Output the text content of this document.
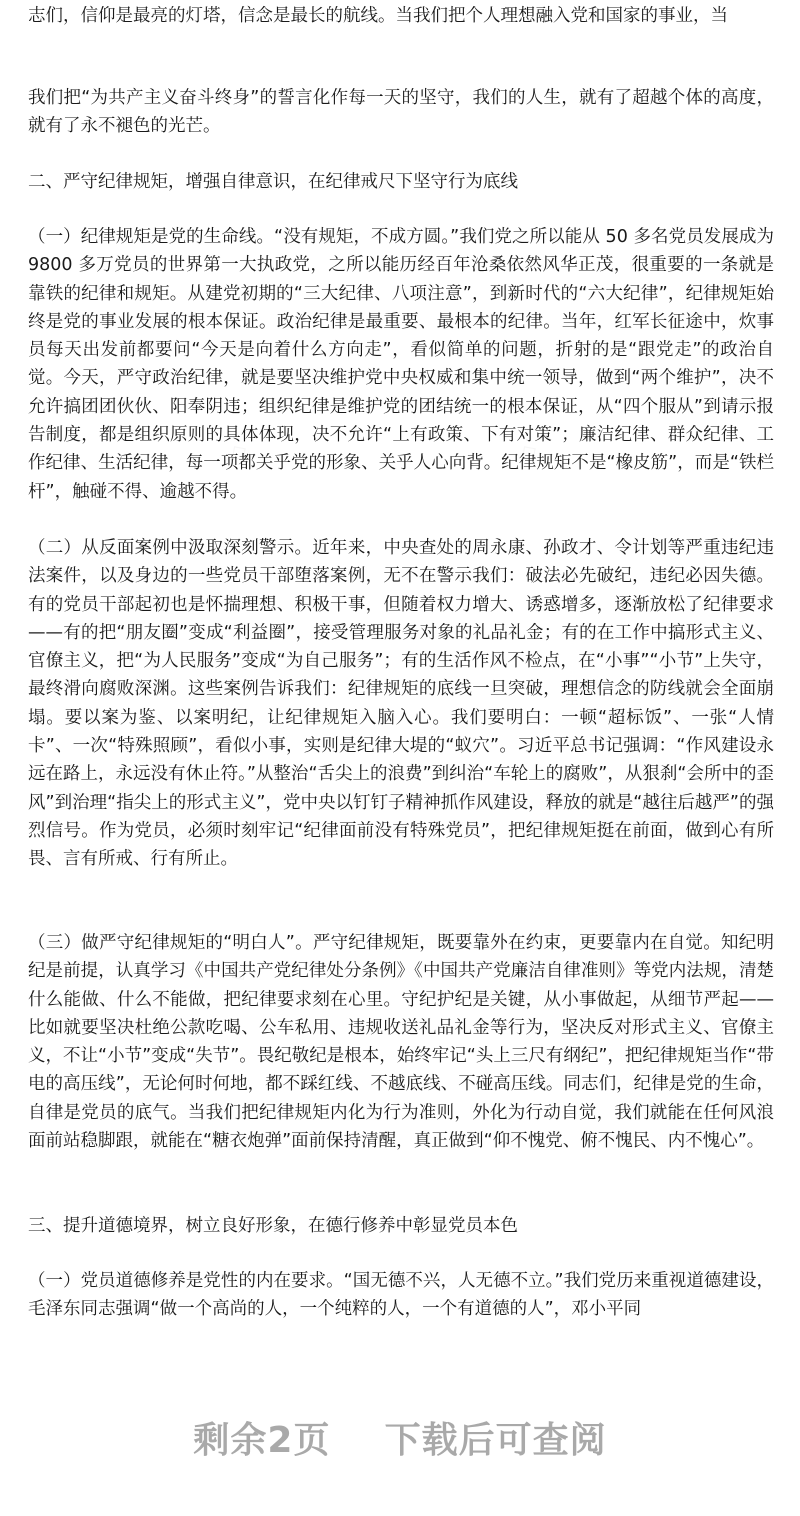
志们，信仰是最亮的灯塔，信念是最长的航线。当我们把个人理想融入党和国家的事业，当

我们把“为共产主义奋斗终身”的誓言化作每一天的坚守，我们的人生，就有了超越个体的高度，就有了永不褪色的光芒。

二、严守纪律规矩，增强自律意识，在纪律戒尺下坚守行为底线

（一）纪律规矩是党的生命线。“没有规矩，不成方圆。”我们党之所以能从 50 多名党员发展成为 9800 多万党员的世界第一大执政党，之所以能历经百年沧桑依然风华正茂，很重要的一条就是靠铁的纪律和规矩。从建党初期的“三大纪律、八项注意”，到新时代的“六大纪律”，纪律规矩始终是党的事业发展的根本保证。政治纪律是最重要、最根本的纪律。当年，红军长征途中，炊事员每天出发前都要问“今天是向着什么方向走”，看似简单的问题，折射的是“跟党走”的政治自觉。今天，严守政治纪律，就是要坚决维护党中央权威和集中统一领导，做到“两个维护”，决不允许搞团团伙伙、阳奉阴违；组织纪律是维护党的团结统一的根本保证，从“四个服从”到请示报告制度，都是组织原则的具体体现，决不允许“上有政策、下有对策”；廉洁纪律、群众纪律、工作纪律、生活纪律，每一项都关乎党的形象、关乎人心向背。纪律规矩不是“橡皮筋”，而是“铁栏杆”，触碰不得、逾越不得。

（二）从反面案例中汲取深刻警示。近年来，中央查处的周永康、孙政才、令计划等严重违纪违法案件，以及身边的一些党员干部堕落案例，无不在警示我们：破法必先破纪，违纪必因失德。有的党员干部起初也是怀揣理想、积极干事，但随着权力增大、诱惑增多，逐渐放松了纪律要求——有的把“朋友圈”变成“利益圈”，接受管理服务对象的礼品礼金；有的在工作中搞形式主义、官僚主义，把“为人民服务”变成“为自己服务”；有的生活作风不检点，在“小事”“小节”上失守，最终滑向腐败深渊。这些案例告诉我们：纪律规矩的底线一旦突破，理想信念的防线就会全面崩塌。要以案为鉴、以案明纪，让纪律规矩入脑入心。我们要明白：一顿“超标饭”、一张“人情卡”、一次“特殊照顾”，看似小事，实则是纪律大堤的“蚁穴”。习近平总书记强调：“作风建设永远在路上，永远没有休止符。”从整治“舌尖上的浪费”到纠治“车轮上的腐败”，从狠刹“会所中的歪风”到治理“指尖上的形式主义”，党中央以钉钉子精神抓作风建设，释放的就是“越往后越严”的强烈信号。作为党员，必须时刻牢记“纪律面前没有特殊党员”，把纪律规矩挺在前面，做到心有所畏、言有所戒、行有所止。

（三）做严守纪律规矩的“明白人”。严守纪律规矩，既要靠外在约束，更要靠内在自觉。知纪明纪是前提，认真学习《中国共产党纪律处分条例》《中国共产党廉洁自律准则》等党内法规，清楚什么能做、什么不能做，把纪律要求刻在心里。守纪护纪是关键，从小事做起，从细节严起——比如就要坚决杜绝公款吃喝、公车私用、违规收送礼品礼金等行为，坚决反对形式主义、官僚主义，不让“小节”变成“失节”。畏纪敬纪是根本，始终牢记“头上三尺有纲纪”，把纪律规矩当作“带电的高压线”，无论何时何地，都不踩红线、不越底线、不碰高压线。同志们，纪律是党的生命，自律是党员的底气。当我们把纪律规矩内化为行为准则，外化为行动自觉，我们就能在任何风浪面前站稳脚跟，就能在“糖衣炮弹”面前保持清醒，真正做到“仰不愧党、俯不愧民、内不愧心”。

三、提升道德境界，树立良好形象，在德行修养中彰显党员本色

（一）党员道德修养是党性的内在要求。“国无德不兴，人无德不立。”我们党历来重视道德建设，毛泽东同志强调“做一个高尚的人，一个纯粹的人，一个有道德的人”，邓小平同

剩余2页    下载后可查阅
